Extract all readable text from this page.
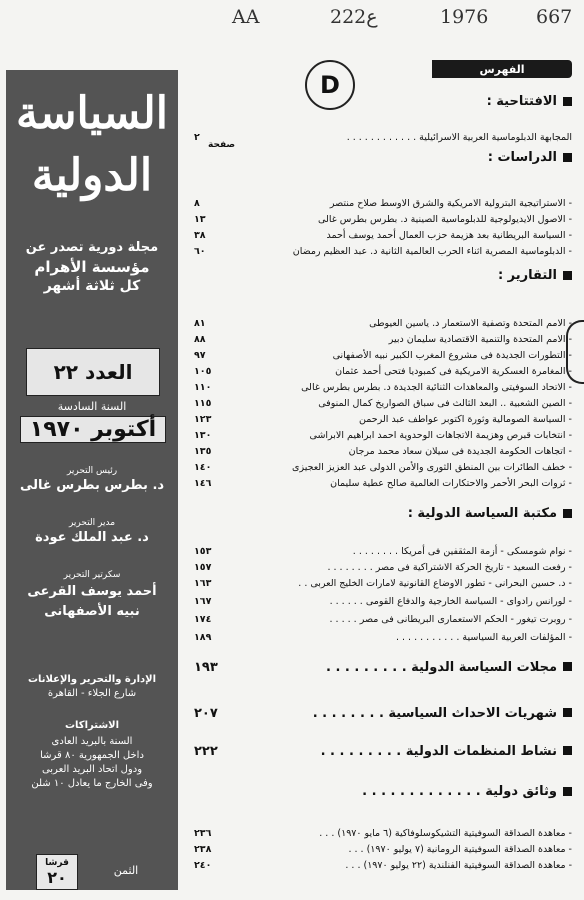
AA	222ع	1976	667
D
السياسة
الدولية
مجلة دورية تصدر عن
مؤسسة الأهرام
كل ثلاثة أشهر
العدد ٢٢
السنة السادسة
أكتوبر ١٩٧٠
رئيس التحرير
د. بطرس بطرس غالى
مدير التحرير
د. عبد الملك عودة
سكرتير التحرير
أحمد يوسف القرعى
نبيه الأصفهانى
الإدارة والتحرير والإعلانات
شارع الجلاء - القاهرة
الاشتراكات
السنة بالبريد العادى
داخل الجمهورية ٨٠ قرشا
ودول اتحاد البريد العربى
وفى الخارج ما يعادل ١٠ شلن
قرشا
٢٠	الثمن
الفهرس
صفحة
الافتتاحية :
المجابهة الدبلوماسية العربية الاسرائيلية . . . . . . . . . . . .
٢
الدراسات :
- الاستراتيجية البترولية الامريكية والشرق الاوسط صلاح منتصر
٨
- الاصول الايديولوجية للدبلوماسية الصينية د. بطرس بطرس غالى
١٣
- السياسة البريطانية بعد هزيمة حزب العمال أحمد يوسف أحمد
٣٨
- الدبلوماسية المصرية اثناء الحرب العالمية الثانية د. عبد العظيم رمضان
٦٠
التقارير :
- الامم المتحدة وتصفية الاستعمار د. ياسين العيوطى
٨١
- الامم المتحدة والتنمية الاقتصادية سليمان دبير
٨٨
- التطورات الجديدة فى مشروع المغرب الكبير نبيه الأصفهانى
٩٧
- المغامرة العسكرية الامريكية فى كمبوديا فتحى أحمد عثمان
١٠٥
- الاتحاد السوفيتى والمعاهدات الثنائية الجديدة د. بطرس بطرس غالى
١١٠
- الصين الشعبية .. البعد الثالث فى سباق الصواريخ كمال المنوفى
١١٥
- السياسة الصومالية وثورة اكتوبر عواطف عبد الرحمن
١٢٣
- انتخابات قبرص وهزيمة الاتجاهات الوحدوية احمد ابراهيم الابراشى
١٣٠
- اتجاهات الحكومة الجديدة فى سيلان سعاد محمد مرجان
١٣٥
- خطف الطائرات بين المنطق الثورى والأمن الدولى عبد العزيز العجيزى
١٤٠
- ثروات البحر الأحمر والاحتكارات العالمية صالح عطية سليمان
١٤٦
مكتبة السياسة الدولية :
- نوام شومسكى - أزمة المثقفين فى أمريكا . . . . . . . .
١٥٣
- رفعت السعيد - تاريخ الحركة الاشتراكية فى مصر . . . . . . . .
١٥٧
- د. حسين البحرانى - تطور الاوضاع القانونية لامارات الخليج العربى . .
١٦٣
- لورانس رادواى - السياسة الخارجية والدفاع القومى . . . . . .
١٦٧
- روبرت تيغور - الحكم الاستعمارى البريطانى فى مصر . . . . .
١٧٤
- المؤلفات العربية السياسية . . . . . . . . . . .
١٨٩
مجلات السياسة الدولية . . . . . . . . .
١٩٣
شهريات الاحداث السياسية . . . . . . . .
٢٠٧
نشاط المنظمات الدولية . . . . . . . . .
٢٢٢
وثائق دولية . . . . . . . . . . . . .
- معاهدة الصداقة السوفيتية التشيكوسلوفاكية (٦ مايو ١٩٧٠) . . .
٢٣٦
- معاهدة الصداقة السوفيتية الرومانية (٧ يوليو ١٩٧٠) . . .
٢٣٨
- معاهدة الصداقة السوفيتية الفنلندية (٢٢ يوليو ١٩٧٠) . . .
٢٤٠
